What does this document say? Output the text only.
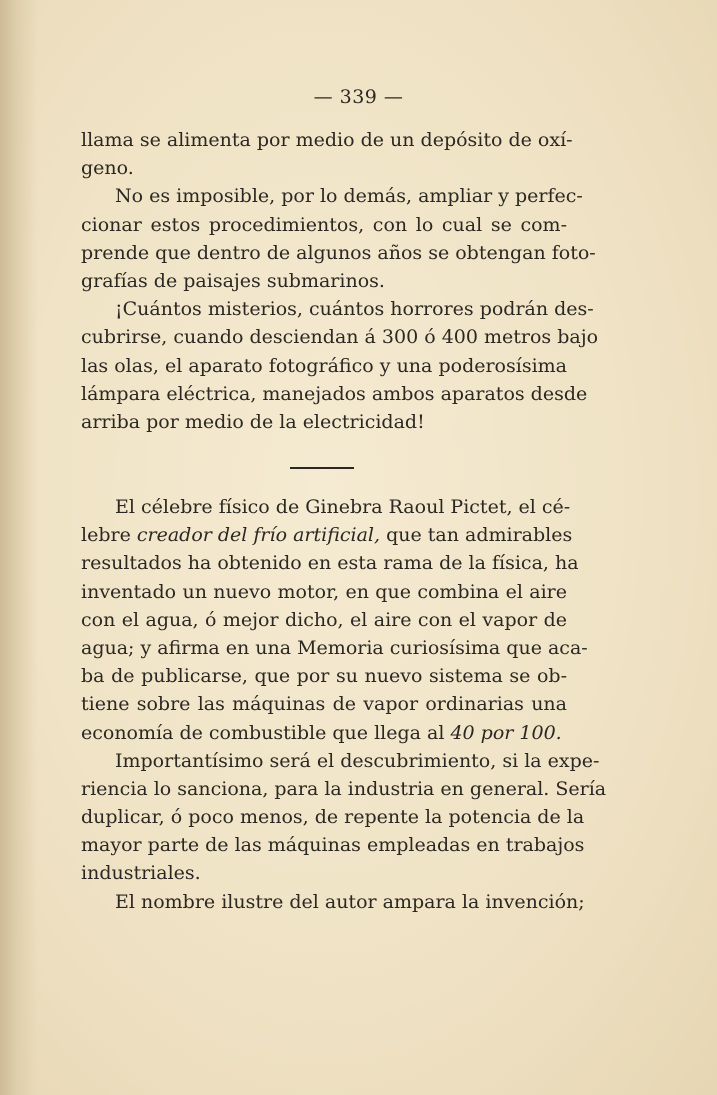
— 339 —
llama se alimenta por medio de un depósito de oxí-
geno.
No es imposible, por lo demás, ampliar y perfec-
cionar estos procedimientos, con lo cual se com-
prende que dentro de algunos años se obtengan foto-
grafías de paisajes submarinos.
¡Cuántos misterios, cuántos horrores podrán des-
cubrirse, cuando desciendan á 300 ó 400 metros bajo
las olas, el aparato fotográfico y una poderosísima
lámpara eléctrica, manejados ambos aparatos desde
arriba por medio de la electricidad!
El célebre físico de Ginebra Raoul Pictet, el cé-
lebre creador del frío artificial, que tan admirables
resultados ha obtenido en esta rama de la física, ha
inventado un nuevo motor, en que combina el aire
con el agua, ó mejor dicho, el aire con el vapor de
agua; y afirma en una Memoria curiosísima que aca-
ba de publicarse, que por su nuevo sistema se ob-
tiene sobre las máquinas de vapor ordinarias una
economía de combustible que llega al 40 por 100.
Importantísimo será el descubrimiento, si la expe-
riencia lo sanciona, para la industria en general. Sería
duplicar, ó poco menos, de repente la potencia de la
mayor parte de las máquinas empleadas en trabajos
industriales.
El nombre ilustre del autor ampara la invención;
